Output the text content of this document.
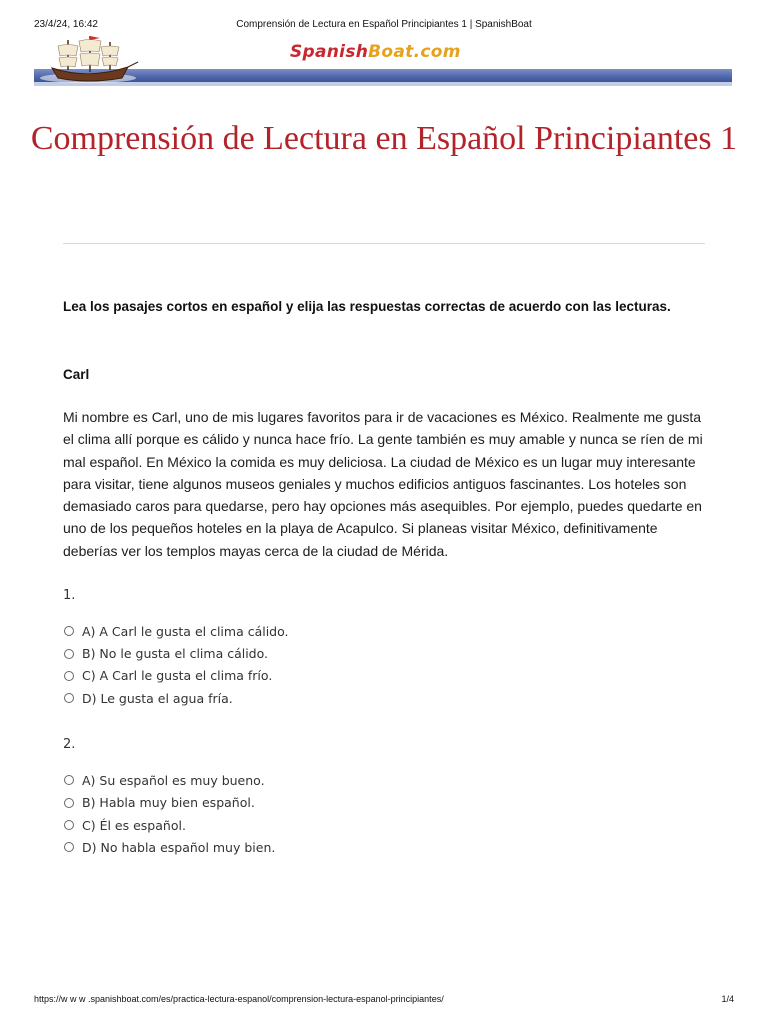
23/4/24, 16:42	Comprensión de Lectura en Español Principiantes 1 | SpanishBoat
SpanishBoat.com
Comprensión de Lectura en Español Principiantes 1

Lea los pasajes cortos en español y elija las respuestas correctas de acuerdo con las lecturas.

Carl

Mi nombre es Carl, uno de mis lugares favoritos para ir de vacaciones es México. Realmente me gusta el clima allí porque es cálido y nunca hace frío. La gente también es muy amable y nunca se ríen de mi mal español. En México la comida es muy deliciosa. La ciudad de México es un lugar muy interesante para visitar, tiene algunos museos geniales y muchos edificios antiguos fascinantes. Los hoteles son demasiado caros para quedarse, pero hay opciones más asequibles. Por ejemplo, puedes quedarte en uno de los pequeños hoteles en la playa de Acapulco. Si planeas visitar México, definitivamente deberías ver los templos mayas cerca de la ciudad de Mérida.

1.

A) A Carl le gusta el clima cálido.
B) No le gusta el clima cálido.
C) A Carl le gusta el clima frío.
D) Le gusta el agua fría.

2.

A) Su español es muy bueno.
B) Habla muy bien español.
C) Él es español.
D) No habla español muy bien.
https://w w w .spanishboat.com/es/practica-lectura-espanol/comprension-lectura-espanol-principiantes/	1/4
